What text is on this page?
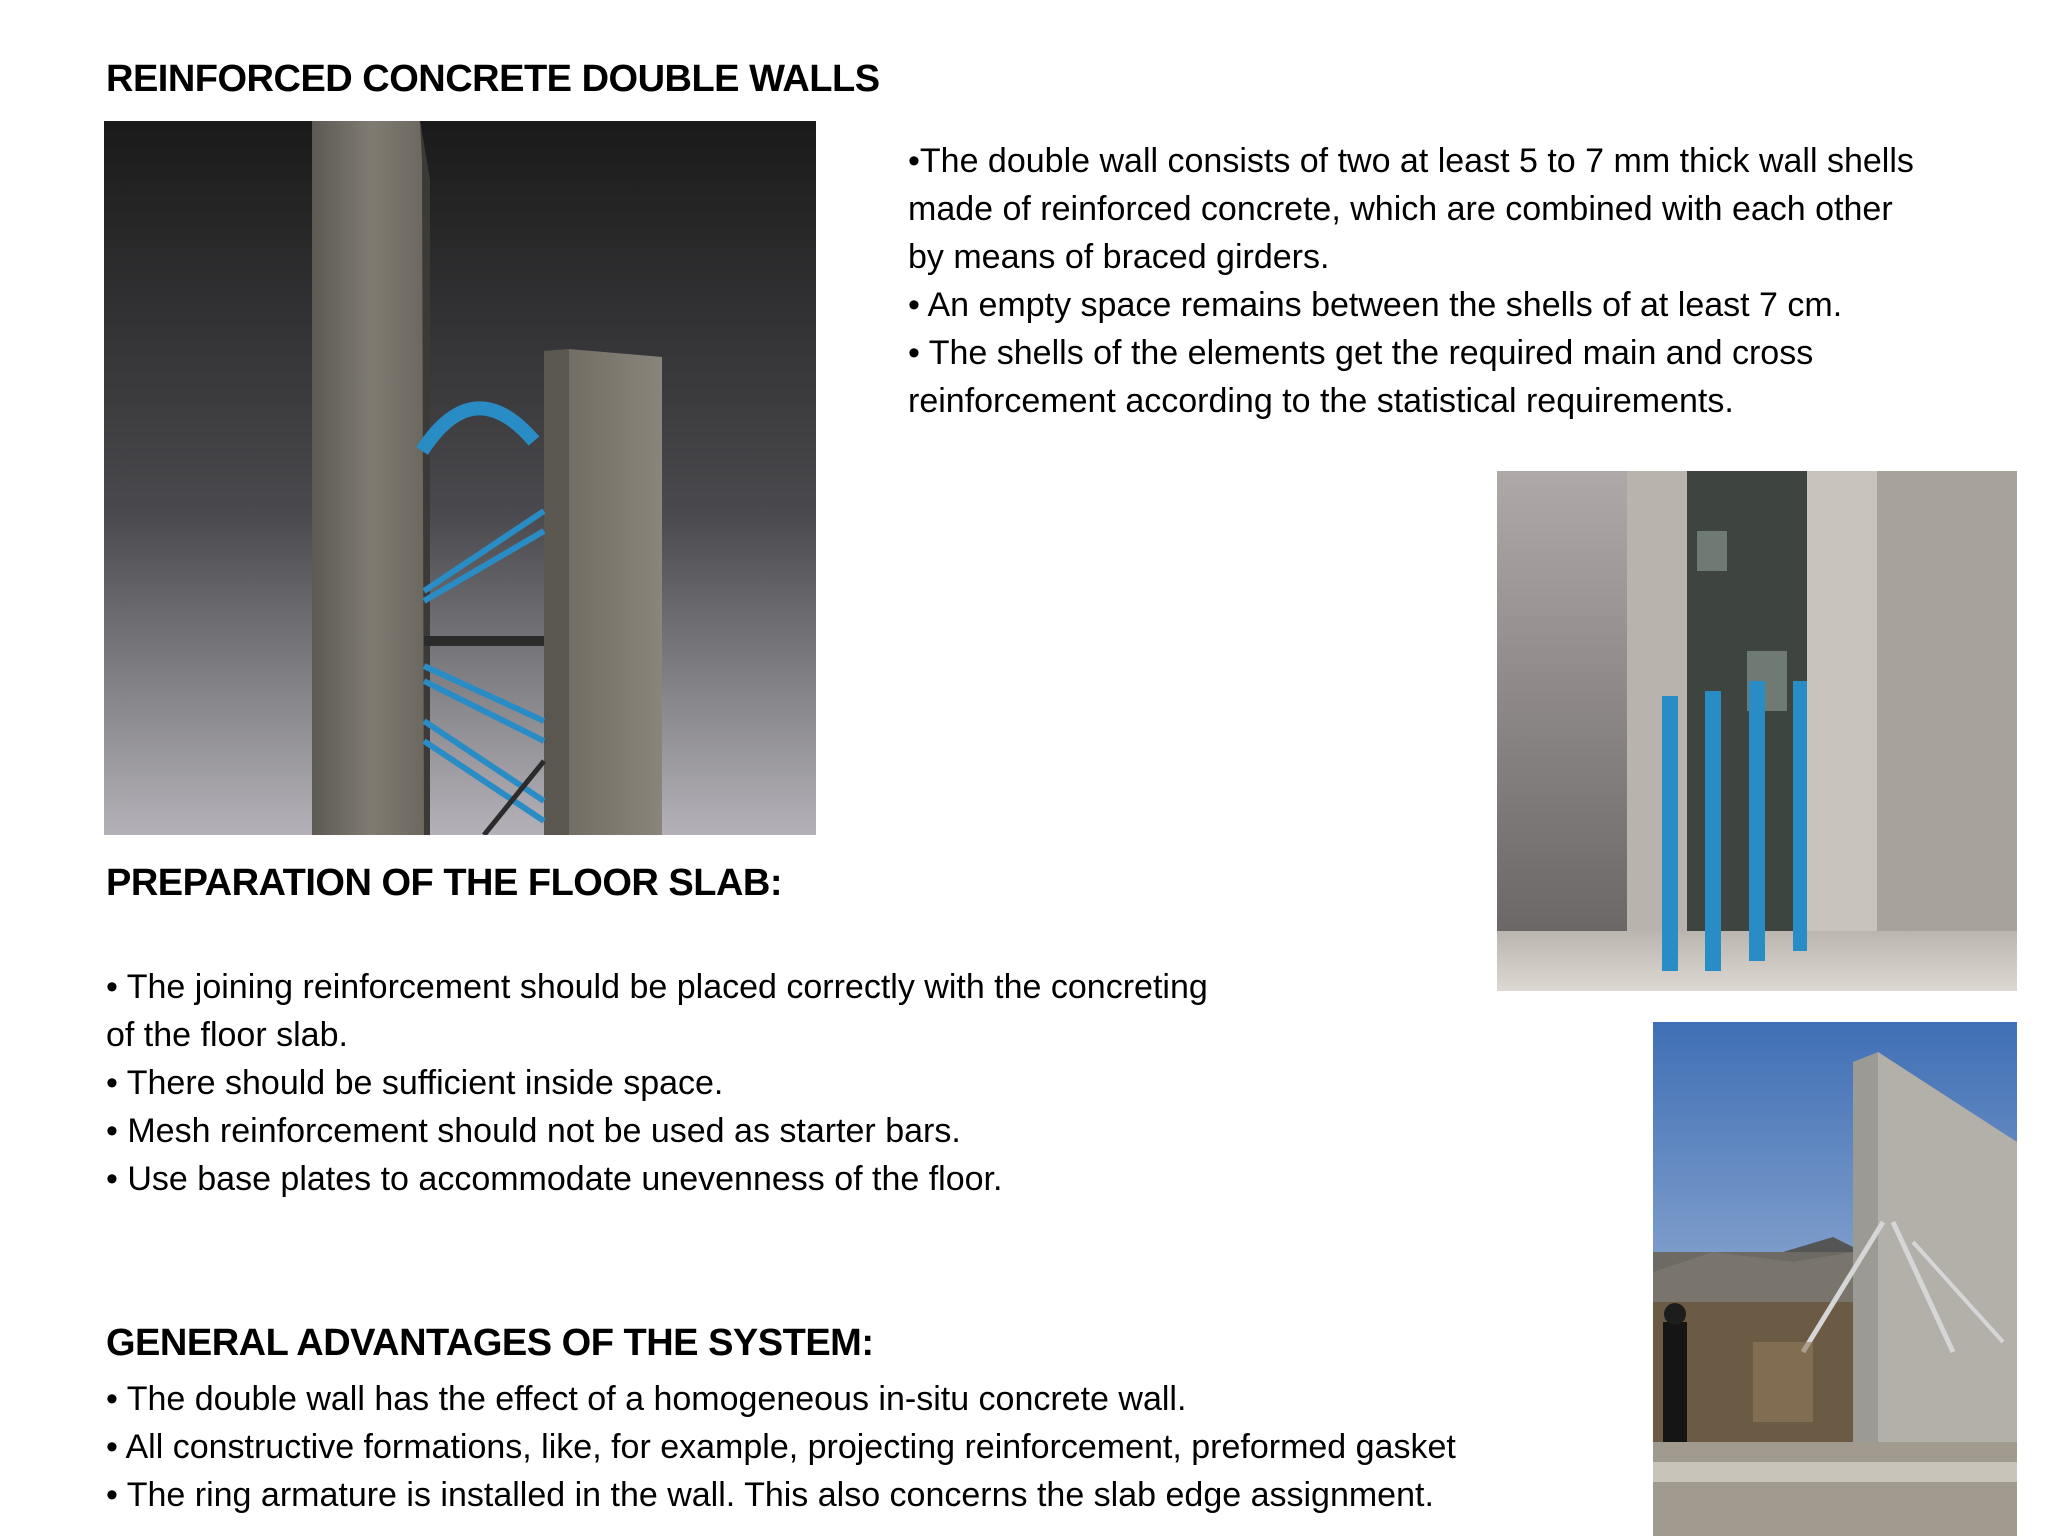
REINFORCED CONCRETE DOUBLE WALLS
•The double wall consists of two at least 5 to 7 mm thick wall shells
made of reinforced concrete, which are combined with each other
by means of braced girders.
• An empty space remains between the shells of at least 7 cm.
• The shells of the elements get the required main and cross
reinforcement according to the statistical requirements.
PREPARATION OF THE FLOOR SLAB:
• The joining reinforcement should be placed correctly with the concreting
of the floor slab.
• There should be sufficient inside space.
• Mesh reinforcement should not be used as starter bars.
• Use base plates to accommodate unevenness of the floor.
GENERAL ADVANTAGES OF THE SYSTEM:
• The double wall has the effect of a homogeneous in-situ concrete wall.
• All constructive formations, like, for example, projecting reinforcement, preformed gasket
• The ring armature is installed in the wall. This also concerns the slab edge assignment.
